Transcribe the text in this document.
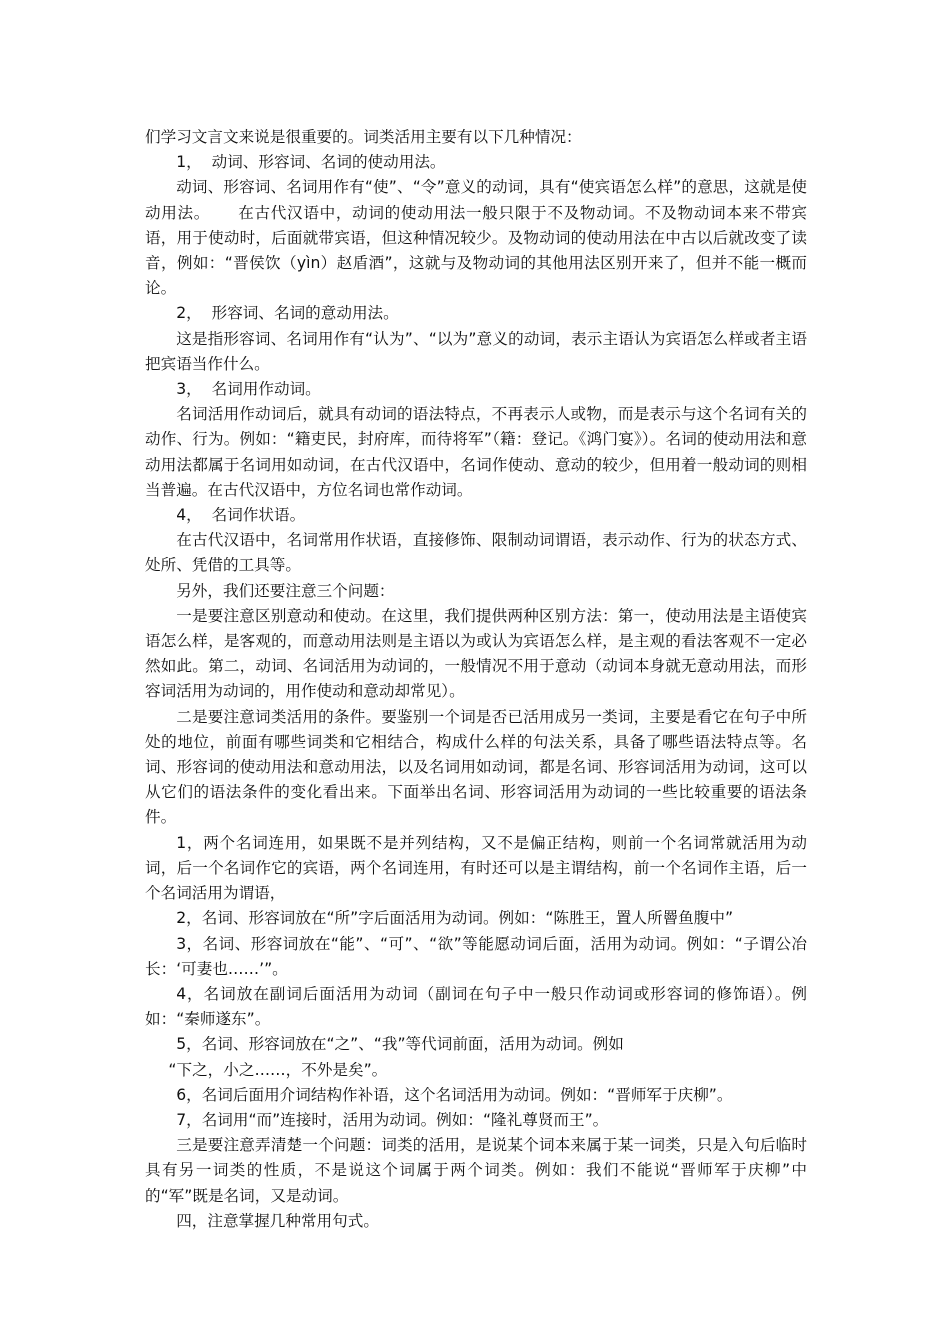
们学习文言文来说是很重要的。词类活用主要有以下几种情况：

1，  动词、形容词、名词的使动用法。

动词、形容词、名词用作有“使”、“令”意义的动词，具有“使宾语怎么样”的意思，这就是使动用法。     在古代汉语中，动词的使动用法一般只限于不及物动词。不及物动词本来不带宾语，用于使动时，后面就带宾语，但这种情况较少。及物动词的使动用法在中古以后就改变了读音，例如：“晋侯饮（yìn）赵盾酒”，这就与及物动词的其他用法区别开来了，但并不能一概而论。

2，  形容词、名词的意动用法。

这是指形容词、名词用作有“认为”、“以为”意义的动词，表示主语认为宾语怎么样或者主语把宾语当作什么。

3，  名词用作动词。

名词活用作动词后，就具有动词的语法特点，不再表示人或物，而是表示与这个名词有关的动作、行为。例如：“籍吏民，封府库，而待将军”（籍：登记。《鸿门宴》）。名词的使动用法和意动用法都属于名词用如动词，在古代汉语中，名词作使动、意动的较少，但用着一般动词的则相当普遍。在古代汉语中，方位名词也常作动词。

4，  名词作状语。

在古代汉语中，名词常用作状语，直接修饰、限制动词谓语，表示动作、行为的状态方式、处所、凭借的工具等。

另外，我们还要注意三个问题：

一是要注意区别意动和使动。在这里，我们提供两种区别方法：第一，使动用法是主语使宾语怎么样，是客观的，而意动用法则是主语以为或认为宾语怎么样，是主观的看法客观不一定必然如此。第二，动词、名词活用为动词的，一般情况不用于意动（动词本身就无意动用法，而形容词活用为动词的，用作使动和意动却常见）。

二是要注意词类活用的条件。要鉴别一个词是否已活用成另一类词，主要是看它在句子中所处的地位，前面有哪些词类和它相结合，构成什么样的句法关系，具备了哪些语法特点等。名词、形容词的使动用法和意动用法，以及名词用如动词，都是名词、形容词活用为动词，这可以从它们的语法条件的变化看出来。下面举出名词、形容词活用为动词的一些比较重要的语法条件。

1，两个名词连用，如果既不是并列结构，又不是偏正结构，则前一个名词常就活用为动词，后一个名词作它的宾语，两个名词连用，有时还可以是主谓结构，前一个名词作主语，后一个名词活用为谓语，

2，名词、形容词放在“所”字后面活用为动词。例如：“陈胜王，置人所罾鱼腹中”

3，名词、形容词放在“能”、“可”、“欲”等能愿动词后面，活用为动词。例如：“子谓公冶长：‘可妻也……’”。

4，名词放在副词后面活用为动词（副词在句子中一般只作动词或形容词的修饰语）。例如：“秦师遂东”。

5，名词、形容词放在“之”、“我”等代词前面，活用为动词。例如

“下之，小之……，不外是矣”。

6，名词后面用介词结构作补语，这个名词活用为动词。例如：“晋师军于庆柳”。

7，名词用“而”连接时，活用为动词。例如：“隆礼尊贤而王”。

三是要注意弄清楚一个问题：词类的活用，是说某个词本来属于某一词类，只是入句后临时具有另一词类的性质，不是说这个词属于两个词类。例如：我们不能说“晋师军于庆柳”中的“军”既是名词，又是动词。

四，注意掌握几种常用句式。
